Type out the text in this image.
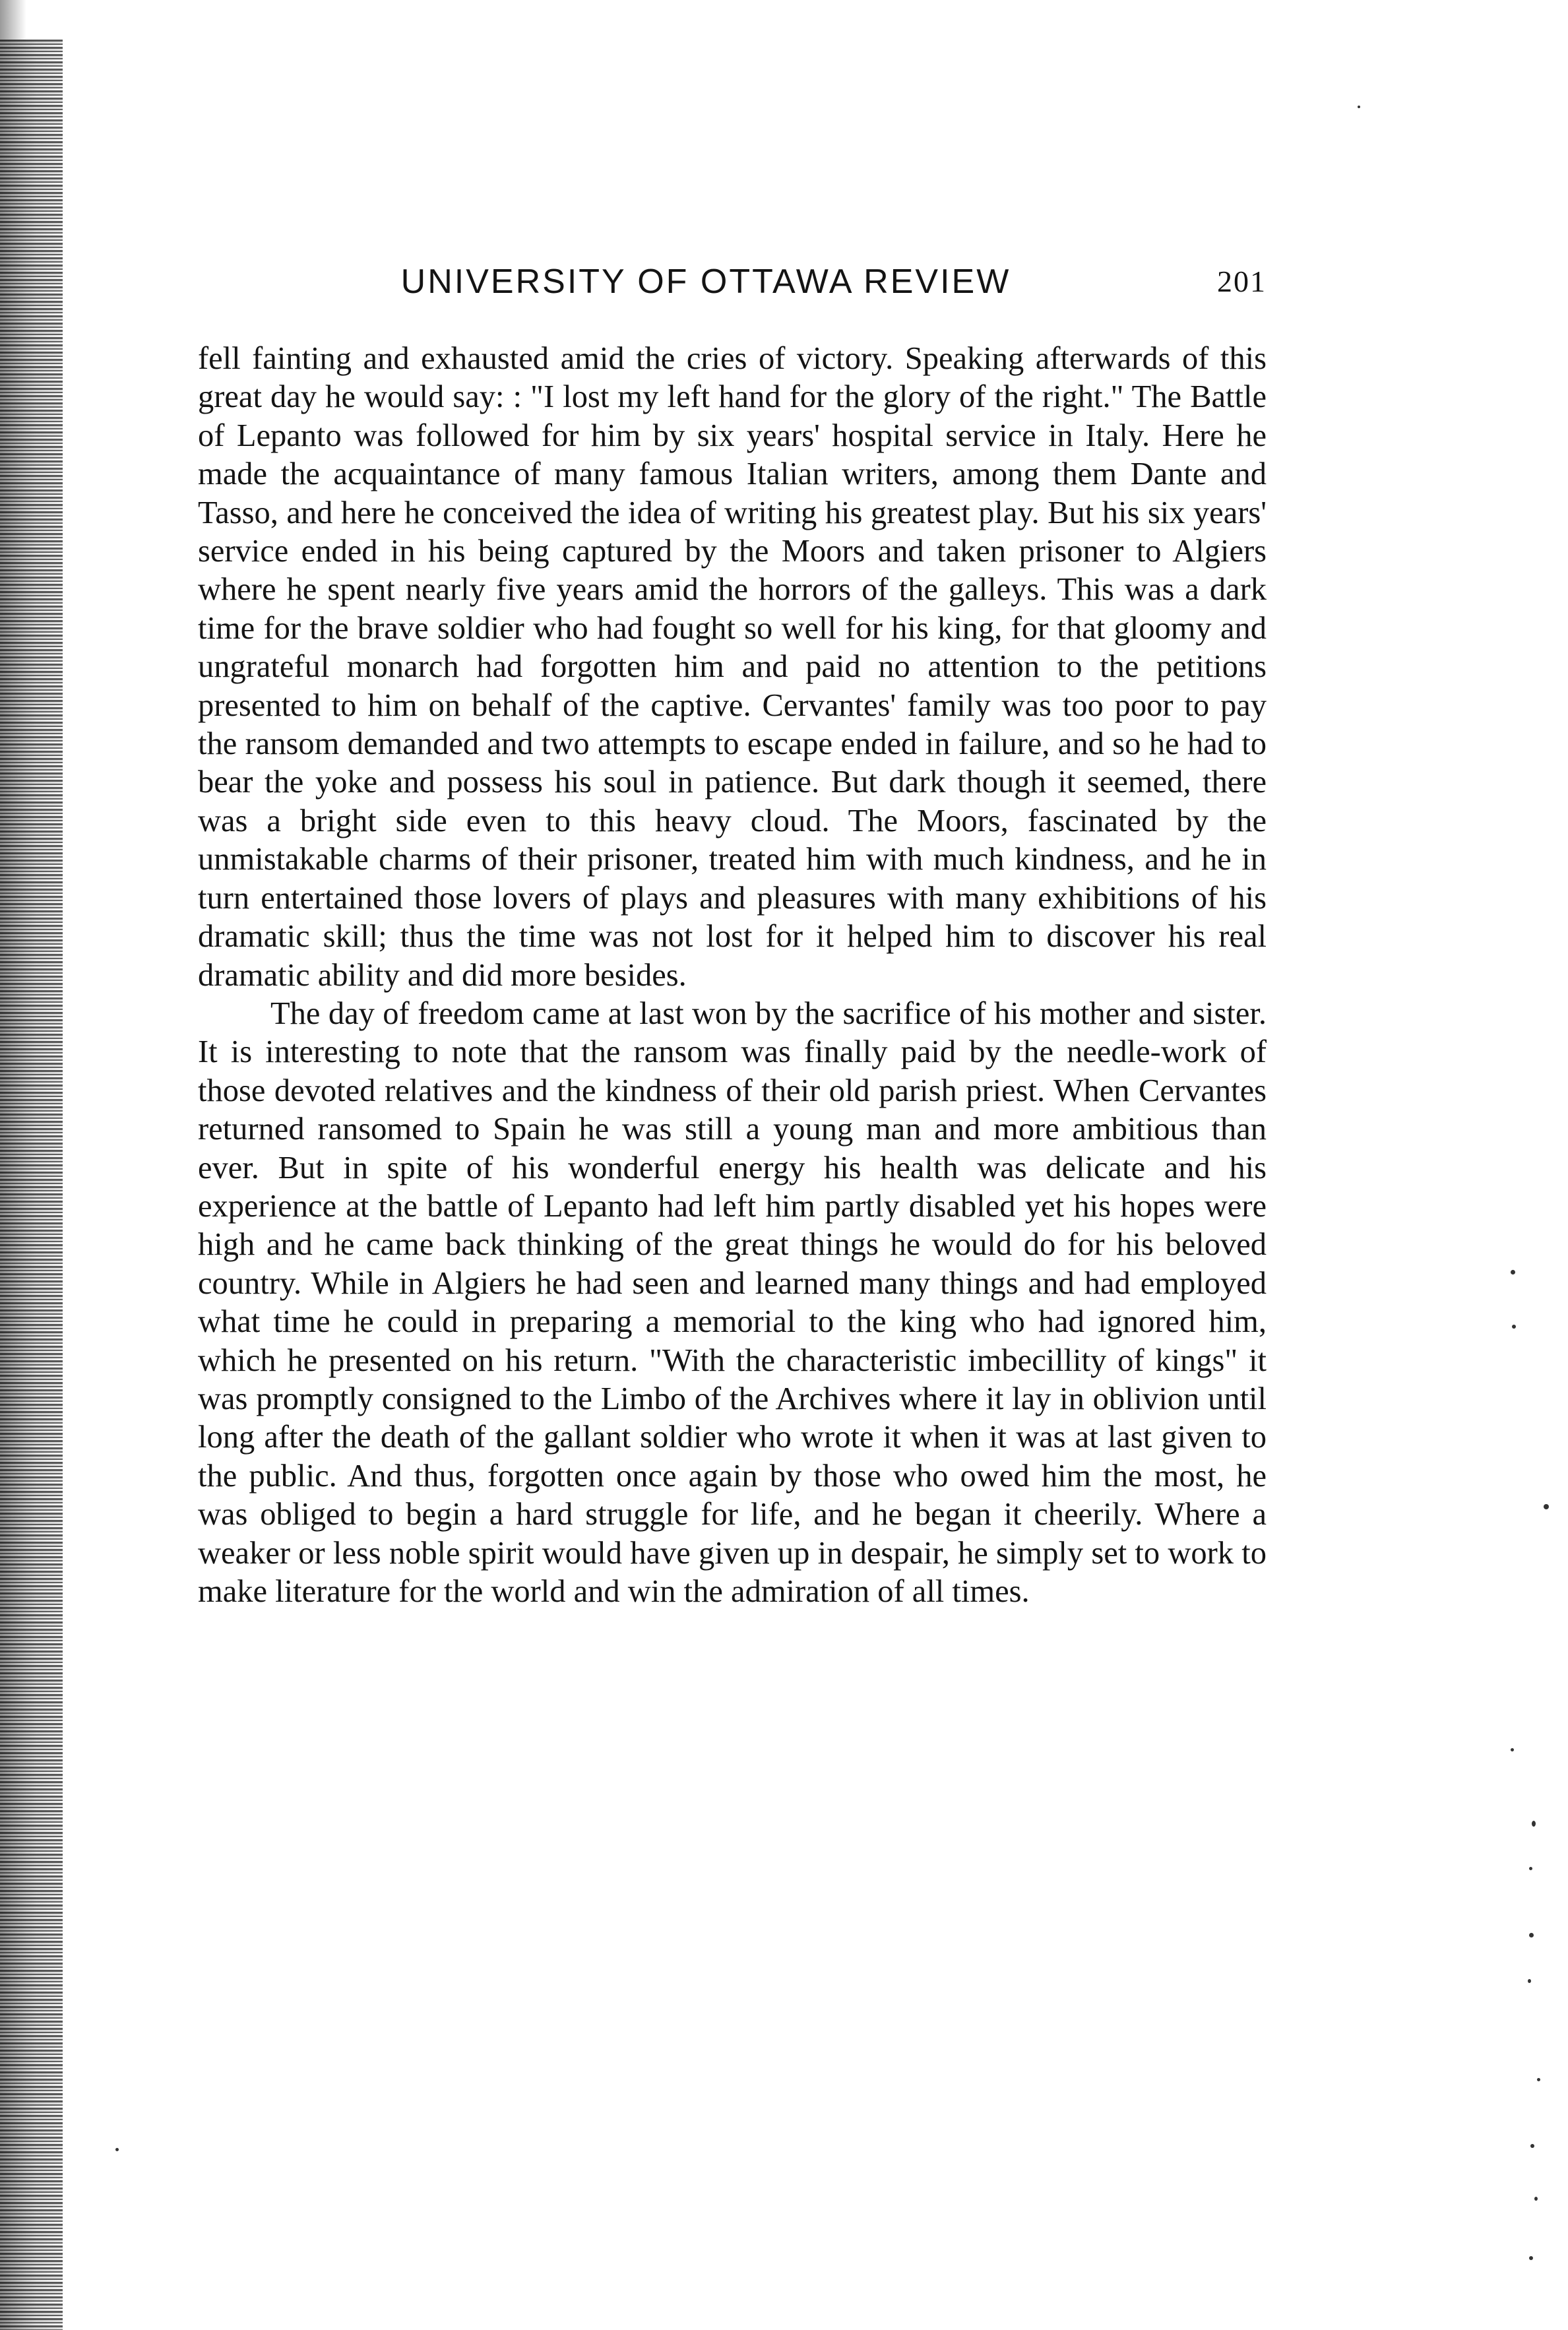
UNIVERSITY OF OTTAWA REVIEW	201

fell fainting and exhausted amid the cries of victory. Speaking afterwards of this great day he would say: : "I lost my left hand for the glory of the right." The Battle of Lepanto was followed for him by six years' hospital service in Italy. Here he made the acquaintance of many famous Italian writers, among them Dante and Tasso, and here he conceived the idea of writing his greatest play. But his six years' service ended in his being captured by the Moors and taken prisoner to Algiers where he spent nearly five years amid the horrors of the galleys. This was a dark time for the brave soldier who had fought so well for his king, for that gloomy and ungrateful monarch had forgotten him and paid no attention to the petitions presented to him on behalf of the captive. Cervantes' family was too poor to pay the ransom demanded and two attempts to escape ended in failure, and so he had to bear the yoke and possess his soul in patience. But dark though it seemed, there was a bright side even to this heavy cloud. The Moors, fascinated by the unmistakable charms of their prisoner, treated him with much kindness, and he in turn entertained those lovers of plays and pleasures with many exhibitions of his dramatic skill; thus the time was not lost for it helped him to discover his real dramatic ability and did more besides.

The day of freedom came at last won by the sacrifice of his mother and sister. It is interesting to note that the ransom was finally paid by the needle-work of those devoted relatives and the kindness of their old parish priest. When Cervantes returned ransomed to Spain he was still a young man and more ambitious than ever. But in spite of his wonderful energy his health was delicate and his experience at the battle of Lepanto had left him partly disabled yet his hopes were high and he came back thinking of the great things he would do for his beloved country. While in Algiers he had seen and learned many things and had employed what time he could in preparing a memorial to the king who had ignored him, which he presented on his return. "With the characteristic imbecillity of kings" it was promptly consigned to the Limbo of the Archives where it lay in oblivion until long after the death of the gallant soldier who wrote it when it was at last given to the public. And thus, forgotten once again by those who owed him the most, he was obliged to begin a hard struggle for life, and he began it cheerily. Where a weaker or less noble spirit would have given up in despair, he simply set to work to make literature for the world and win the admiration of all times.
